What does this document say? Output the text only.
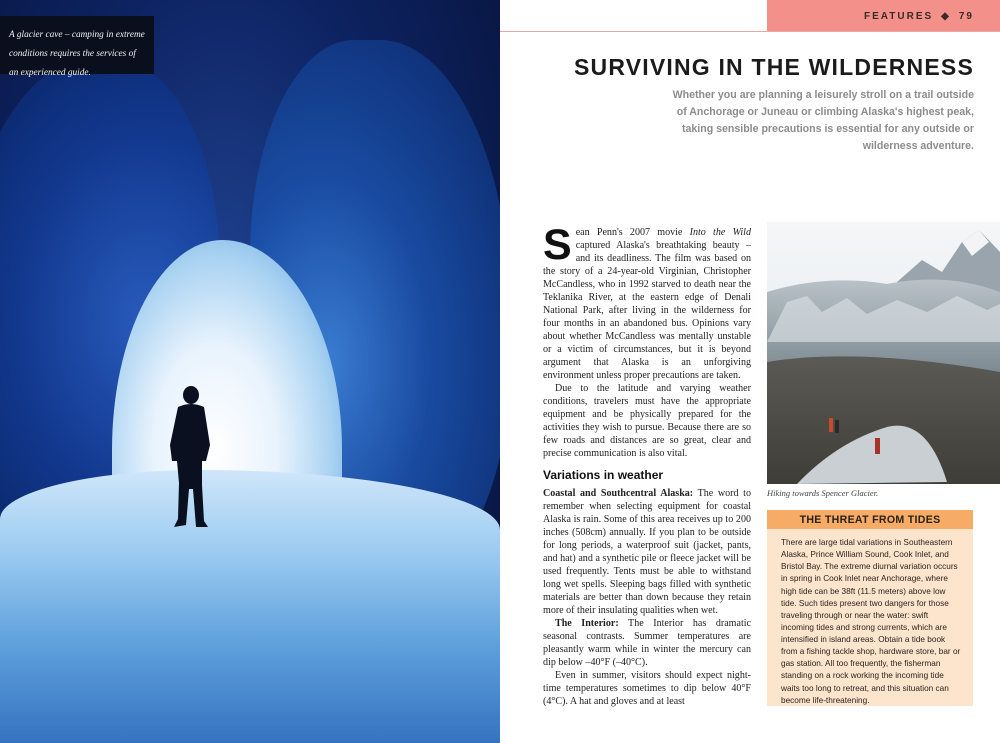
A glacier cave – camping in extreme conditions requires the services of an experienced guide.
FEATURES ◆ 79
SURVIVING IN THE WILDERNESS

Whether you are planning a leisurely stroll on a trail outside of Anchorage or Juneau or climbing Alaska's highest peak, taking sensible precautions is essential for any outside or wilderness adventure.

Sean Penn's 2007 movie Into the Wild captured Alaska's breathtaking beauty – and its deadliness. The film was based on the story of a 24-year-old Virginian, Christopher McCandless, who in 1992 starved to death near the Teklanika River, at the eastern edge of Denali National Park, after living in the wilderness for four months in an abandoned bus. Opinions vary about whether McCandless was mentally unstable or a victim of circumstances, but it is beyond argument that Alaska is an unforgiving environment unless proper precautions are taken.

Due to the latitude and varying weather conditions, travelers must have the appropriate equipment and be physically prepared for the activities they wish to pursue. Because there are so few roads and distances are so great, clear and precise communication is also vital.

Variations in weather

Coastal and Southcentral Alaska: The word to remember when selecting equipment for coastal Alaska is rain. Some of this area receives up to 200 inches (508cm) annually. If you plan to be outside for long periods, a waterproof suit (jacket, pants, and hat) and a synthetic pile or fleece jacket will be used frequently. Tents must be able to withstand long wet spells. Sleeping bags filled with synthetic materials are better than down because they retain more of their insulating qualities when wet.

The Interior: The Interior has dramatic seasonal contrasts. Summer temperatures are pleasantly warm while in winter the mercury can dip below –40°F (–40°C).

Even in summer, visitors should expect night-time temperatures sometimes to dip below 40°F (4°C). A hat and gloves and at least

Hiking towards Spencer Glacier.
THE THREAT FROM TIDES

There are large tidal variations in Southeastern Alaska, Prince William Sound, Cook Inlet, and Bristol Bay. The extreme diurnal variation occurs in spring in Cook Inlet near Anchorage, where high tide can be 38ft (11.5 meters) above low tide. Such tides present two dangers for those traveling through or near the water: swift incoming tides and strong currents, which are intensified in island areas. Obtain a tide book from a fishing tackle shop, hardware store, bar or gas station. All too frequently, the fisherman standing on a rock working the incoming tide waits too long to retreat, and this situation can become life-threatening.
